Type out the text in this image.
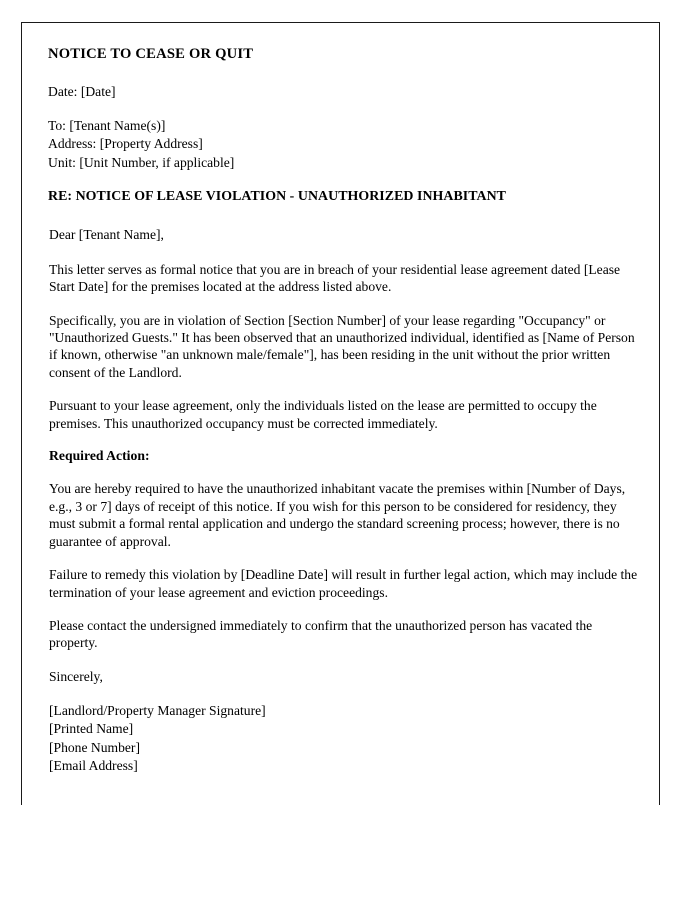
NOTICE TO CEASE OR QUIT
Date: [Date]
To: [Tenant Name(s)]
Address: [Property Address]
Unit: [Unit Number, if applicable]
RE: NOTICE OF LEASE VIOLATION - UNAUTHORIZED INHABITANT
Dear [Tenant Name],

This letter serves as formal notice that you are in breach of your residential lease agreement dated [Lease Start Date] for the premises located at the address listed above.

Specifically, you are in violation of Section [Section Number] of your lease regarding "Occupancy" or "Unauthorized Guests." It has been observed that an unauthorized individual, identified as [Name of Person if known, otherwise "an unknown male/female"], has been residing in the unit without the prior written consent of the Landlord.

Pursuant to your lease agreement, only the individuals listed on the lease are permitted to occupy the premises. This unauthorized occupancy must be corrected immediately.

Required Action:

You are hereby required to have the unauthorized inhabitant vacate the premises within [Number of Days, e.g., 3 or 7] days of receipt of this notice. If you wish for this person to be considered for residency, they must submit a formal rental application and undergo the standard screening process; however, there is no guarantee of approval.

Failure to remedy this violation by [Deadline Date] will result in further legal action, which may include the termination of your lease agreement and eviction proceedings.

Please contact the undersigned immediately to confirm that the unauthorized person has vacated the property.

Sincerely,
[Landlord/Property Manager Signature]
[Printed Name]
[Phone Number]
[Email Address]
